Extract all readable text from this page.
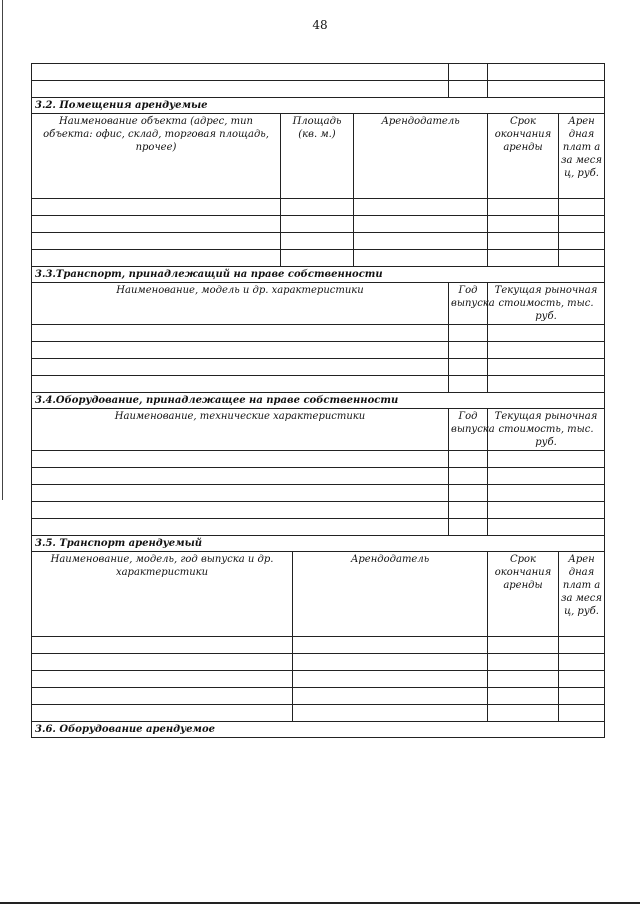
48

3.2. Помещения арендуемые						
Наименование объекта (адрес, тип объекта: офис, склад, торговая площадь, прочее)	Площадь (кв. м.)		Арендодатель		Срок окончания аренды	Арен дная плат а за меся ц, руб.

3.3.Транспорт, принадлежащий на праве собственности						
Наименование, модель и др. характеристики				Год выпуска	Текущая рыночная стоимость, тыс. руб.	

3.4.Оборудование, принадлежащее на праве собственности						
Наименование, технические характеристики				Год выпуска	Текущая рыночная стоимость, тыс. руб.	

3.5. Транспорт арендуемый						
Наименование, модель, год выпуска и др. характеристики		Арендодатель			Срок окончания аренды	Арен дная плат а за меся ц, руб.

3.6. Оборудование арендуемое						
